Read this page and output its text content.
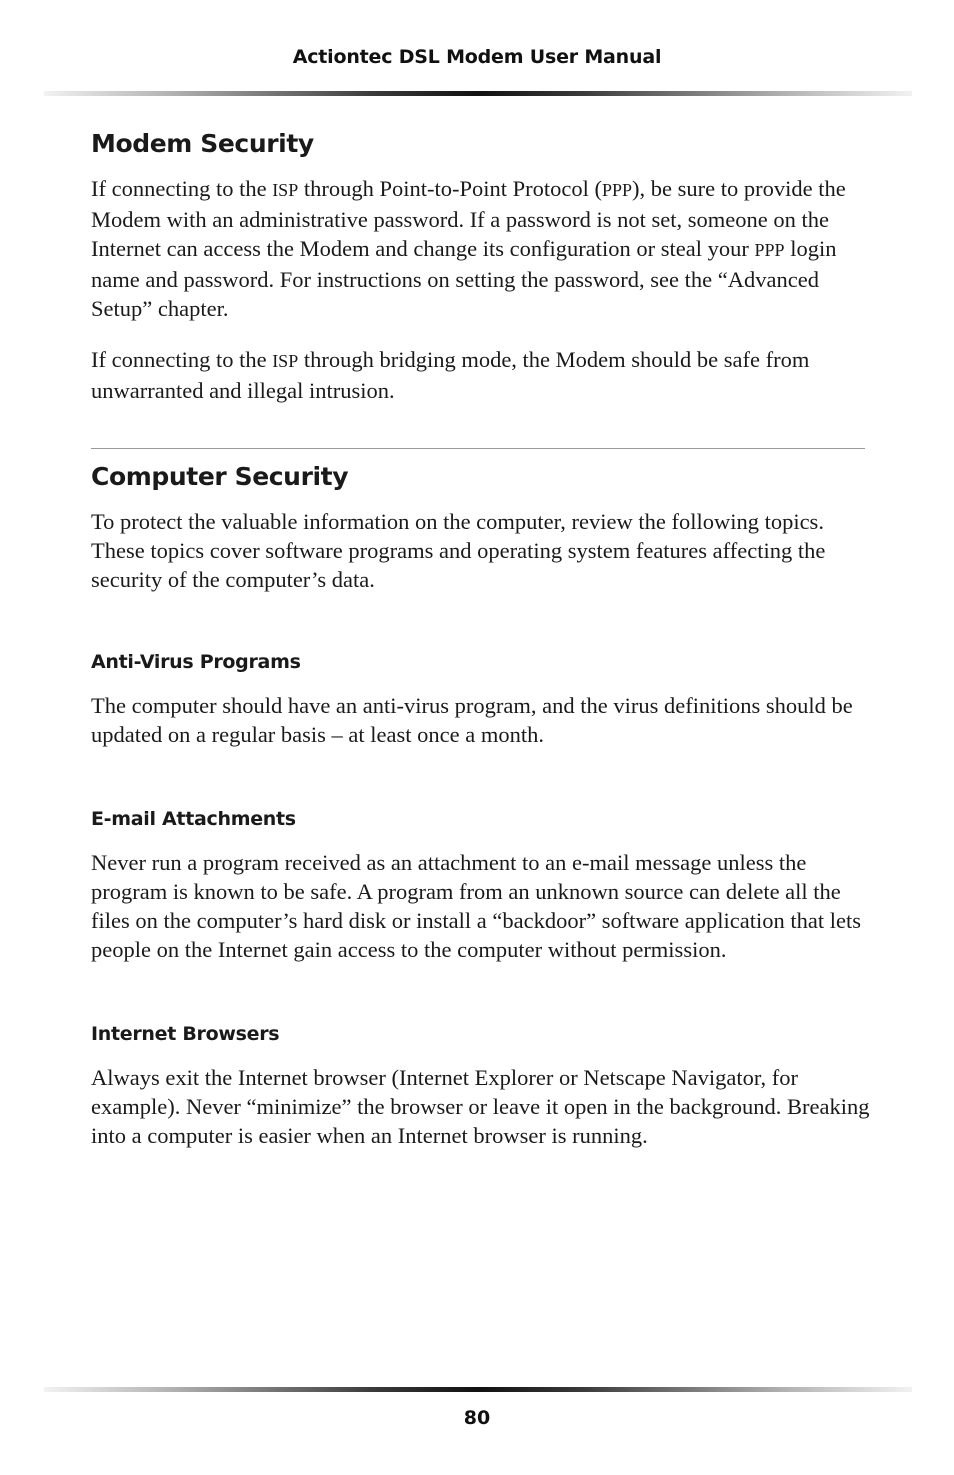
Actiontec DSL Modem User Manual
Modem Security

If connecting to the ISP through Point-to-Point Protocol (PPP), be sure to provide the Modem with an administrative password. If a password is not set, someone on the Internet can access the Modem and change its configuration or steal your PPP login name and password. For instructions on setting the password, see the “Advanced Setup” chapter.

If connecting to the ISP through bridging mode, the Modem should be safe from unwarranted and illegal intrusion.

Computer Security

To protect the valuable information on the computer, review the following topics. These topics cover software programs and operating system features affecting the security of the computer’s data.

Anti-Virus Programs

The computer should have an anti-virus program, and the virus definitions should be updated on a regular basis – at least once a month.

E-mail Attachments

Never run a program received as an attachment to an e-mail message unless the program is known to be safe. A program from an unknown source can delete all the files on the computer’s hard disk or install a “backdoor” software application that lets people on the Internet gain access to the computer without permission.

Internet Browsers

Always exit the Internet browser (Internet Explorer or Netscape Navigator, for example). Never “minimize” the browser or leave it open in the background. Breaking into a computer is easier when an Internet browser is running.

80
